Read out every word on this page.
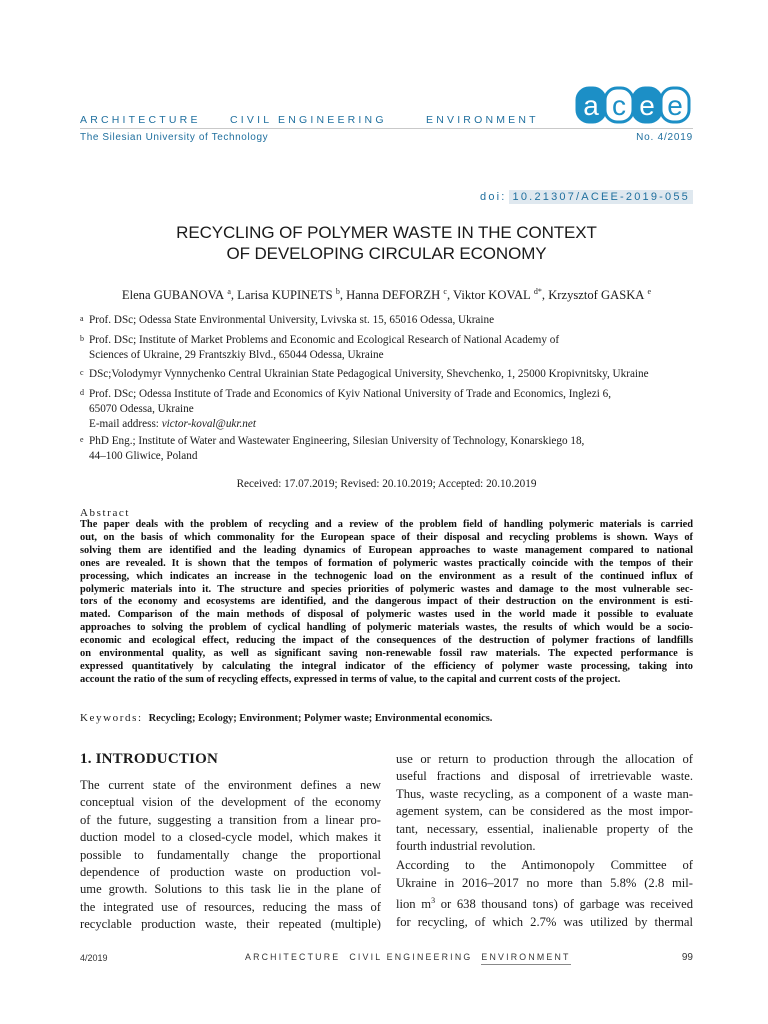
ARCHITECTURE	CIVIL ENGINEERING	ENVIRONMENT a c e e
The Silesian University of Technology	No. 4/2019
doi: 10.21307/ACEE-2019-055
RECYCLING OF POLYMER WASTE IN THE CONTEXT
OF DEVELOPING CIRCULAR ECONOMY
Elena GUBANOVA $^a$, Larisa KUPINETS $^b$, Hanna DEFORZH $^c$, Viktor KOVAL $^{d*}$, Krzysztof GASKA $^e$
a Prof. DSc; Odessa State Environmental University, Lvivska st. 15, 65016 Odessa, Ukraine
b Prof. DSc; Institute of Market Problems and Economic and Ecological Research of National Academy of
Sciences of Ukraine, 29 Frantszkiy Blvd., 65044 Odessa, Ukraine
c DSc;Volodymyr Vynnychenko Central Ukrainian State Pedagogical University, Shevchenko, 1, 25000 Kropivnitsky, Ukraine
d Prof. DSc; Odessa Institute of Trade and Economics of Kyiv National University of Trade and Economics, Inglezi 6,
65070 Odessa, Ukraine
E-mail address: victor-koval@ukr.net
e PhD Eng.; Institute of Water and Wastewater Engineering, Silesian University of Technology, Konarskiego 18,
44–100 Gliwice, Poland
Received: 17.07.2019; Revised: 20.10.2019; Accepted: 20.10.2019
Abstract
The paper deals with the problem of recycling and a review of the problem field of handling polymeric materials is carried
out, on the basis of which commonality for the European space of their disposal and recycling problems is shown. Ways of
solving them are identified and the leading dynamics of European approaches to waste management compared to national
ones are revealed. It is shown that the tempos of formation of polymeric wastes practically coincide with the tempos of their
processing, which indicates an increase in the technogenic load on the environment as a result of the continued influx of
polymeric materials into it. The structure and species priorities of polymeric wastes and damage to the most vulnerable sec-
tors of the economy and ecosystems are identified, and the dangerous impact of their destruction on the environment is esti-
mated. Comparison of the main methods of disposal of polymeric wastes used in the world made it possible to evaluate
approaches to solving the problem of cyclical handling of polymeric materials wastes, the results of which would be a socio-
economic and ecological effect, reducing the impact of the consequences of the destruction of polymer fractions of landfills
on environmental quality, as well as significant saving non-renewable fossil raw materials. The expected performance is
expressed quantitatively by calculating the integral indicator of the efficiency of polymer waste processing, taking into
account the ratio of the sum of recycling effects, expressed in terms of value, to the capital and current costs of the project.
Keywords: Recycling; Ecology; Environment; Polymer waste; Environmental economics.
1. INTRODUCTION
The current state of the environment defines a new
conceptual vision of the development of the economy
of the future, suggesting a transition from a linear pro-
duction model to a closed-cycle model, which makes it
possible to fundamentally change the proportional
dependence of production waste on production vol-
ume growth. Solutions to this task lie in the plane of
the integrated use of resources, reducing the mass of
recyclable production waste, their repeated (multiple)
use or return to production through the allocation of
useful fractions and disposal of irretrievable waste.
Thus, waste recycling, as a component of a waste man-
agement system, can be considered as the most impor-
tant, necessary, essential, inalienable property of the
fourth industrial revolution.
According to the Antimonopoly Committee of
Ukraine in 2016–2017 no more than 5.8% (2.8 mil-
lion $m^3$ or 638 thousand tons) of garbage was received
for recycling, of which 2.7% was utilized by thermal
4/2019	ARCHITECTURE CIVIL ENGINEERING ENVIRONMENT	99
